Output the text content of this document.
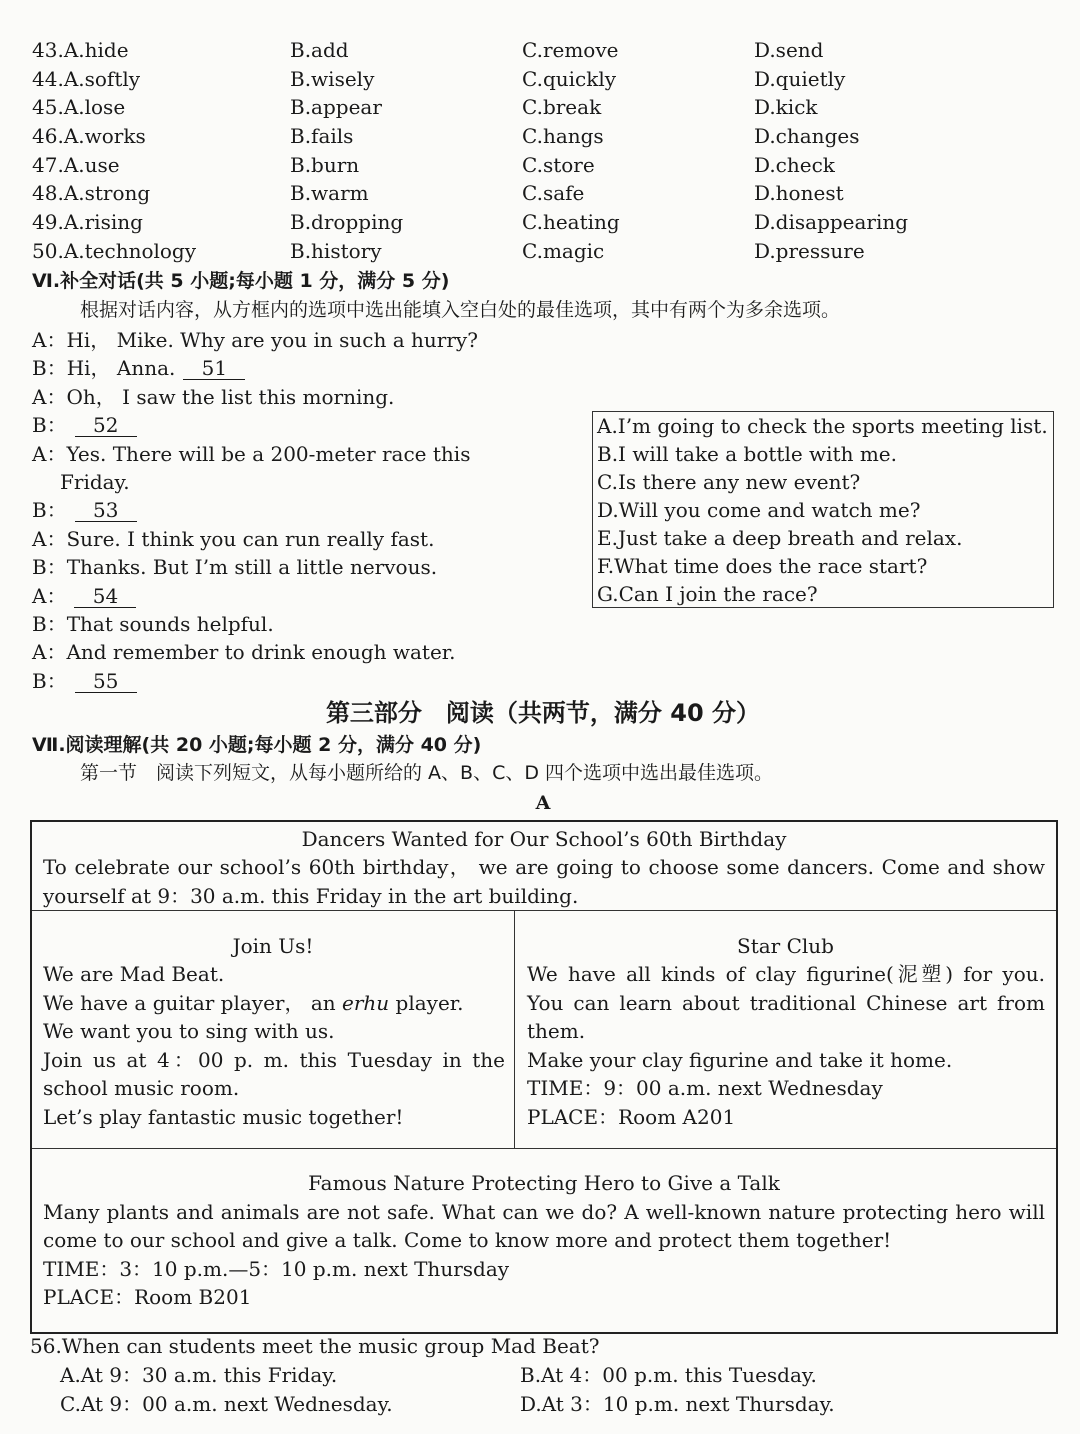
43.A.hide	B.add	C.remove	D.send
44.A.softly	B.wisely	C.quickly	D.quietly
45.A.lose	B.appear	C.break	D.kick
46.A.works	B.fails	C.hangs	D.changes
47.A.use	B.burn	C.store	D.check
48.A.strong	B.warm	C.safe	D.honest
49.A.rising	B.dropping	C.heating	D.disappearing
50.A.technology	B.history	C.magic	D.pressure
Ⅵ.补全对话(共 5 小题;每小题 1 分，满分 5 分)
根据对话内容，从方框内的选项中选出能填入空白处的最佳选项，其中有两个为多余选项。
A：Hi， Mike. Why are you in such a hurry?
B：Hi， Anna. 51
A：Oh， I saw the list this morning.
B： 52
A：Yes. There will be a 200-meter race this
Friday.
B： 53
A：Sure. I think you can run really fast.
B：Thanks. But I’m still a little nervous.
A： 54
B：That sounds helpful.
A：And remember to drink enough water.
B： 55
A.I’m going to check the sports meeting list.
B.I will take a bottle with me.
C.Is there any new event?
D.Will you come and watch me?
E.Just take a deep breath and relax.
F.What time does the race start?
G.Can I join the race?
第三部分　阅读（共两节，满分 40 分）
Ⅶ.阅读理解(共 20 小题;每小题 2 分，满分 40 分)
第一节　阅读下列短文，从每小题所给的 A、B、C、D 四个选项中选出最佳选项。
A
Dancers Wanted for Our School’s 60th Birthday
To celebrate our school’s 60th birthday， we are going to choose some dancers. Come and show
yourself at 9：30 a.m. this Friday in the art building.
Join Us!
We are Mad Beat.
We have a guitar player， an erhu player.
We want you to sing with us.
Join us at 4：00 p. m. this Tuesday in the
school music room.
Let’s play fantastic music together!
Star Club
We have all kinds of clay figurine(泥塑) for you.
You can learn about traditional Chinese art from
them.
Make your clay figurine and take it home.
TIME：9：00 a.m. next Wednesday
PLACE：Room A201
Famous Nature Protecting Hero to Give a Talk
Many plants and animals are not safe. What can we do? A well-known nature protecting hero will
come to our school and give a talk. Come to know more and protect them together!
TIME：3：10 p.m.—5：10 p.m. next Thursday
PLACE：Room B201
56.When can students meet the music group Mad Beat?
A.At 9：30 a.m. this Friday.	B.At 4：00 p.m. this Tuesday.
C.At 9：00 a.m. next Wednesday.	D.At 3：10 p.m. next Thursday.
